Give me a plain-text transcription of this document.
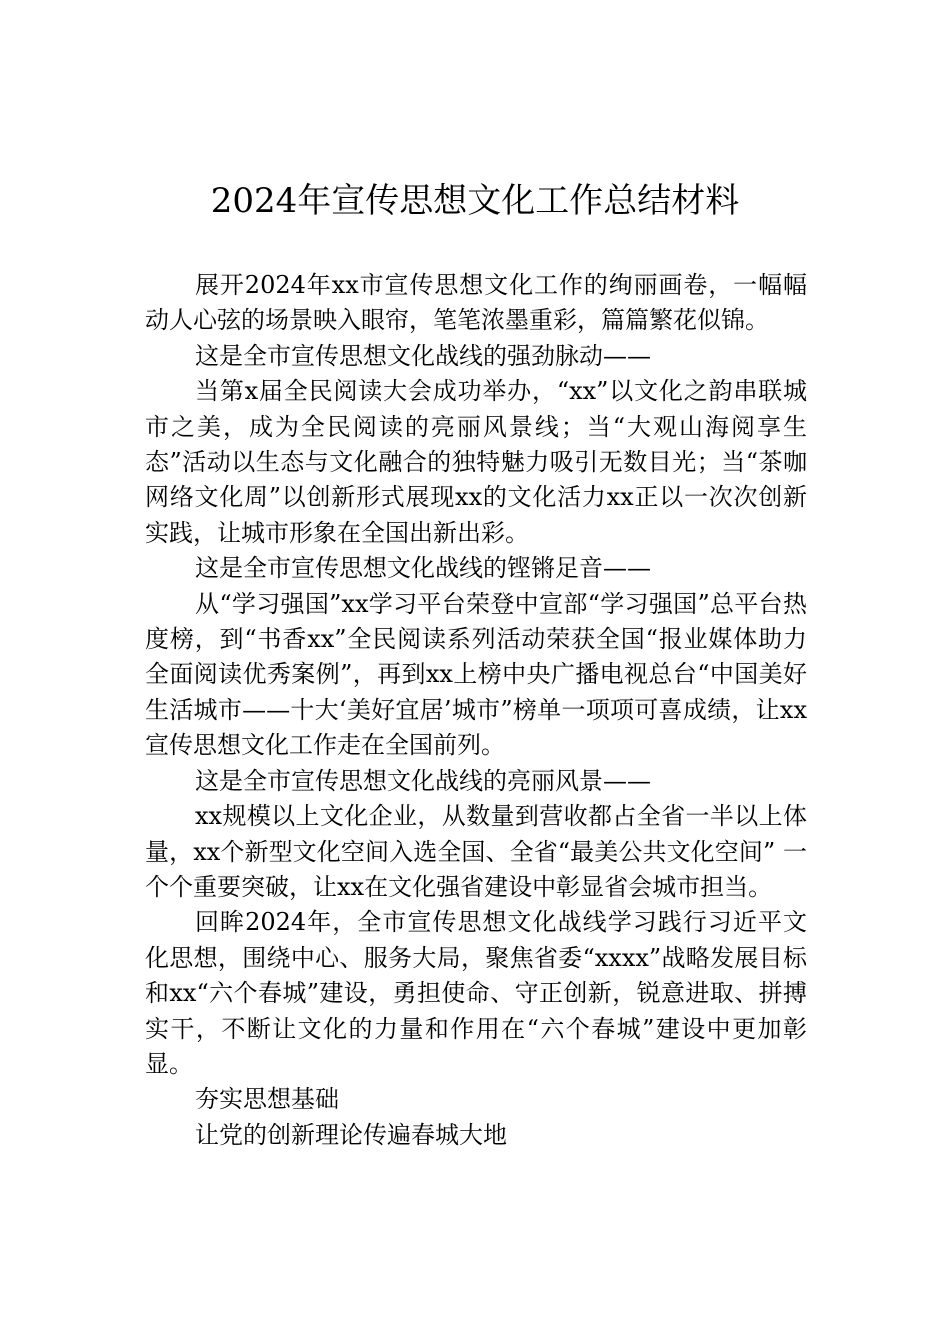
2024年宣传思想文化工作总结材料

展开2024年xx市宣传思想文化工作的绚丽画卷，一幅幅动人心弦的场景映入眼帘，笔笔浓墨重彩，篇篇繁花似锦。

这是全市宣传思想文化战线的强劲脉动——

当第x届全民阅读大会成功举办，“xx”以文化之韵串联城市之美，成为全民阅读的亮丽风景线；当“大观山海阅享生态”活动以生态与文化融合的独特魅力吸引无数目光；当“茶咖网络文化周”以创新形式展现xx的文化活力xx正以一次次创新实践，让城市形象在全国出新出彩。

这是全市宣传思想文化战线的铿锵足音——

从“学习强国”xx学习平台荣登中宣部“学习强国”总平台热度榜，到“书香xx”全民阅读系列活动荣获全国“报业媒体助力全面阅读优秀案例”，再到xx上榜中央广播电视总台“中国美好生活城市——十大‘美好宜居’城市”榜单一项项可喜成绩，让xx宣传思想文化工作走在全国前列。

这是全市宣传思想文化战线的亮丽风景——

xx规模以上文化企业，从数量到营收都占全省一半以上体量，xx个新型文化空间入选全国、全省“最美公共文化空间” 一个个重要突破，让xx在文化强省建设中彰显省会城市担当。

回眸2024年，全市宣传思想文化战线学习践行习近平文化思想，围绕中心、服务大局，聚焦省委“xxxx”战略发展目标和xx“六个春城”建设，勇担使命、守正创新，锐意进取、拼搏实干，不断让文化的力量和作用在“六个春城”建设中更加彰显。

夯实思想基础

让党的创新理论传遍春城大地
